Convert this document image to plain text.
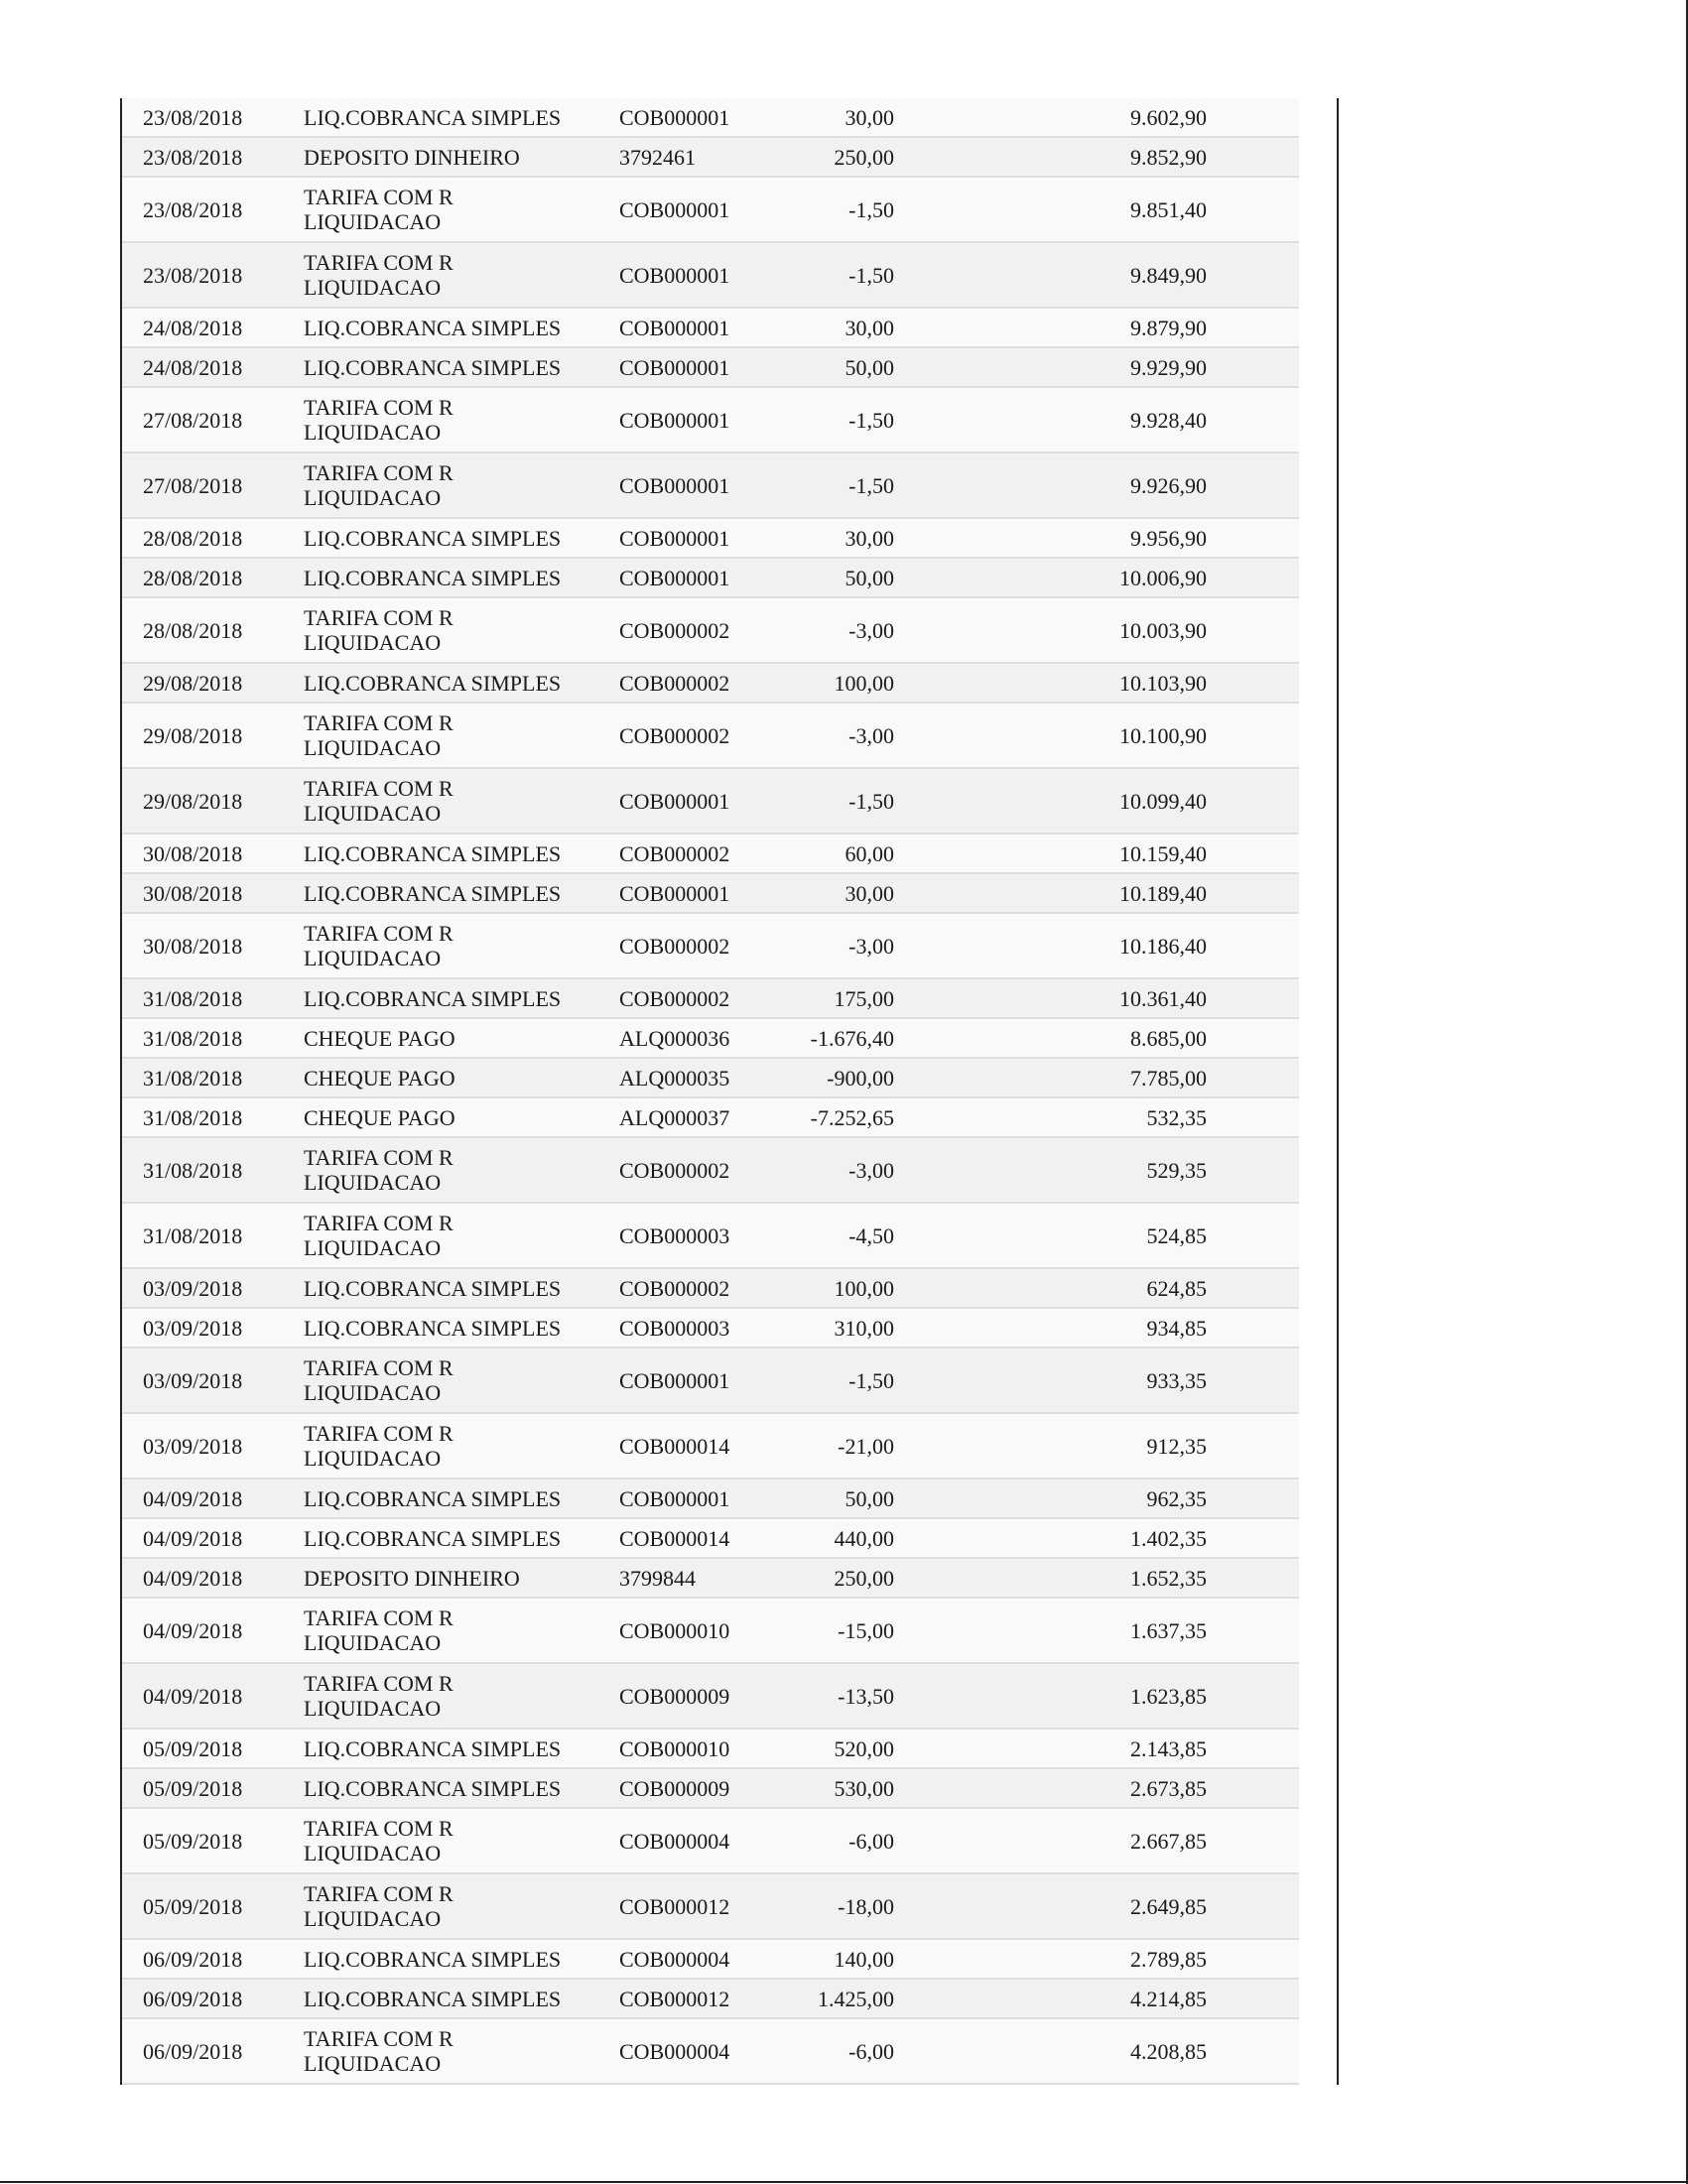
23/08/2018	LIQ.COBRANCA SIMPLES	COB000001	30,00	9.602,90
23/08/2018	DEPOSITO DINHEIRO	3792461	250,00	9.852,90
23/08/2018	TARIFA COM R
LIQUIDACAO	COB000001	-1,50	9.851,40
23/08/2018	TARIFA COM R
LIQUIDACAO	COB000001	-1,50	9.849,90
24/08/2018	LIQ.COBRANCA SIMPLES	COB000001	30,00	9.879,90
24/08/2018	LIQ.COBRANCA SIMPLES	COB000001	50,00	9.929,90
27/08/2018	TARIFA COM R
LIQUIDACAO	COB000001	-1,50	9.928,40
27/08/2018	TARIFA COM R
LIQUIDACAO	COB000001	-1,50	9.926,90
28/08/2018	LIQ.COBRANCA SIMPLES	COB000001	30,00	9.956,90
28/08/2018	LIQ.COBRANCA SIMPLES	COB000001	50,00	10.006,90
28/08/2018	TARIFA COM R
LIQUIDACAO	COB000002	-3,00	10.003,90
29/08/2018	LIQ.COBRANCA SIMPLES	COB000002	100,00	10.103,90
29/08/2018	TARIFA COM R
LIQUIDACAO	COB000002	-3,00	10.100,90
29/08/2018	TARIFA COM R
LIQUIDACAO	COB000001	-1,50	10.099,40
30/08/2018	LIQ.COBRANCA SIMPLES	COB000002	60,00	10.159,40
30/08/2018	LIQ.COBRANCA SIMPLES	COB000001	30,00	10.189,40
30/08/2018	TARIFA COM R
LIQUIDACAO	COB000002	-3,00	10.186,40
31/08/2018	LIQ.COBRANCA SIMPLES	COB000002	175,00	10.361,40
31/08/2018	CHEQUE PAGO	ALQ000036	-1.676,40	8.685,00
31/08/2018	CHEQUE PAGO	ALQ000035	-900,00	7.785,00
31/08/2018	CHEQUE PAGO	ALQ000037	-7.252,65	532,35
31/08/2018	TARIFA COM R
LIQUIDACAO	COB000002	-3,00	529,35
31/08/2018	TARIFA COM R
LIQUIDACAO	COB000003	-4,50	524,85
03/09/2018	LIQ.COBRANCA SIMPLES	COB000002	100,00	624,85
03/09/2018	LIQ.COBRANCA SIMPLES	COB000003	310,00	934,85
03/09/2018	TARIFA COM R
LIQUIDACAO	COB000001	-1,50	933,35
03/09/2018	TARIFA COM R
LIQUIDACAO	COB000014	-21,00	912,35
04/09/2018	LIQ.COBRANCA SIMPLES	COB000001	50,00	962,35
04/09/2018	LIQ.COBRANCA SIMPLES	COB000014	440,00	1.402,35
04/09/2018	DEPOSITO DINHEIRO	3799844	250,00	1.652,35
04/09/2018	TARIFA COM R
LIQUIDACAO	COB000010	-15,00	1.637,35
04/09/2018	TARIFA COM R
LIQUIDACAO	COB000009	-13,50	1.623,85
05/09/2018	LIQ.COBRANCA SIMPLES	COB000010	520,00	2.143,85
05/09/2018	LIQ.COBRANCA SIMPLES	COB000009	530,00	2.673,85
05/09/2018	TARIFA COM R
LIQUIDACAO	COB000004	-6,00	2.667,85
05/09/2018	TARIFA COM R
LIQUIDACAO	COB000012	-18,00	2.649,85
06/09/2018	LIQ.COBRANCA SIMPLES	COB000004	140,00	2.789,85
06/09/2018	LIQ.COBRANCA SIMPLES	COB000012	1.425,00	4.214,85
06/09/2018	TARIFA COM R
LIQUIDACAO	COB000004	-6,00	4.208,85
